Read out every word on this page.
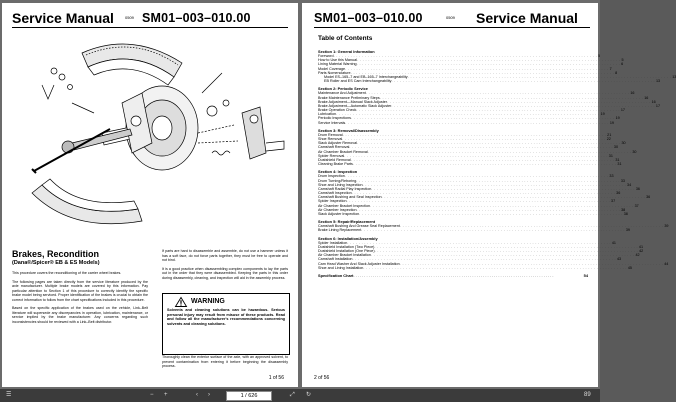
Service Manual	0509 SM01–003–010.00
Brakes, Recondition
(Dana®/Spicer® EB & ES Models)

This procedure covers the reconditioning of the carrier wheel brakes.

The following pages are taken directly from the service literature produced by the axle manufacturer. Multiple brake models are covered by this information. Pay particular attention to Section 1 of this procedure to correctly identify the specific brake model being serviced. Proper identification of the brakes is crucial to obtain the correct information to follow from the chart specifications included in this procedure.

Based on the specific application of the brakes used on the vehicle, Link–Belt literature will supersede any discrepancies in operation, lubrication, maintenance, or service implied by the brake manufacturer. Any concerns regarding such inconsistencies should be reviewed with a Link–Belt distributor.

If parts are hard to disassemble and assemble, do not use a hammer unless it has a soft face, do not force parts together, they must be free to operate and not bind.

It is a good practice when disassembling complex components to lay the parts out in the order that they were disassembled. Keeping the parts in this order during disassembly, cleaning, and inspection will aid in the assembly process.

WARNING
Solvents and cleaning solutions can be hazardous. Serious personal injury may result from misuse of these products. Read and follow all the manufacturer's recommendations concerning solvents and cleaning solutions.
1 of 56
Thoroughly clean the exterior surface of the axle, with an approved solvent, to prevent contamination from entering it before beginning the disassembly process.
SM01–003–010.00	0509 Service Manual
Table of Contents
Section 1: General Information
Foreword . . . . . . . . . . . . . . . . . . . . . . . . . . . . . . . . . . . . . . . . . . . . . . . . . . . . . . . . . . . . . . . . . . . . . . . . . . . . . . . . . . . . . . . . . . . . . 5
How to Use this Manual . . . . . . . . . . . . . . . . . . . . . . . . . . . . . . . . . . . . . . . . . . . . . . . . . . . . . . . . . . . . . . . . . . . . . . . . . . . . . . . . . . . . . . . . . . . . . 5
Lining Material Warning . . . . . . . . . . . . . . . . . . . . . . . . . . . . . . . . . . . . . . . . . . . . . . . . . . . . . . . . . . . . . . . . . . . . . . . . . . . . . . . . . . . . . . . . . . . . . 6
Model Coverage . . . . . . . . . . . . . . . . . . . . . . . . . . . . . . . . . . . . . . . . . . . . . . . . . . . . . . . . . . . . . . . . . . . . . . . . . . . . . . . . . . . . . . . . . . . . . 7
Parts Nomenclature . . . . . . . . . . . . . . . . . . . . . . . . . . . . . . . . . . . . . . . . . . . . . . . . . . . . . . . . . . . . . . . . . . . . . . . . . . . . . . . . . . . . . . . . . . . . . 8
Model ES–165–7 and EB–165–7 Interchangeability . . . . . . . . . . . . . . . . . . . . . . . . . . . . . . . . . . . . . . . . . . . . . . . . . . . . . . . . . . . . . . . . . . . . . . . . . . . . . . . . . . . . . . . . . . . . . 13
EB Roller and ES Cam Interchangeability . . . . . . . . . . . . . . . . . . . . . . . . . . . . . . . . . . . . . . . . . . . . . . . . . . . . . . . . . . . . . . . . . . . . . . . . . . . . . . . . . . . . . . . . . . . . . 13
Section 2: Periodic Service
Maintenance And Adjustment . . . . . . . . . . . . . . . . . . . . . . . . . . . . . . . . . . . . . . . . . . . . . . . . . . . . . . . . . . . . . . . . . . . . . . . . . . . . . . . . . . . . . . . . . . . . . 16
Brake Maintenance Preliminary Steps . . . . . . . . . . . . . . . . . . . . . . . . . . . . . . . . . . . . . . . . . . . . . . . . . . . . . . . . . . . . . . . . . . . . . . . . . . . . . . . . . . . . . . . . . . . . . 16
Brake Adjustment—Manual Slack Adjuster . . . . . . . . . . . . . . . . . . . . . . . . . . . . . . . . . . . . . . . . . . . . . . . . . . . . . . . . . . . . . . . . . . . . . . . . . . . . . . . . . . . . . . . . . . . . . 16
Brake Adjustment—Automatic Slack Adjuster . . . . . . . . . . . . . . . . . . . . . . . . . . . . . . . . . . . . . . . . . . . . . . . . . . . . . . . . . . . . . . . . . . . . . . . . . . . . . . . . . . . . . . . . . . . . . 17
Brake Operation Check . . . . . . . . . . . . . . . . . . . . . . . . . . . . . . . . . . . . . . . . . . . . . . . . . . . . . . . . . . . . . . . . . . . . . . . . . . . . . . . . . . . . . . . . . . . . . 17
Lubrication . . . . . . . . . . . . . . . . . . . . . . . . . . . . . . . . . . . . . . . . . . . . . . . . . . . . . . . . . . . . . . . . . . . . . . . . . . . . . . . . . . . . . . . . . . . . . 19
Periodic Inspections . . . . . . . . . . . . . . . . . . . . . . . . . . . . . . . . . . . . . . . . . . . . . . . . . . . . . . . . . . . . . . . . . . . . . . . . . . . . . . . . . . . . . . . . . . . . . 19
Service Intervals . . . . . . . . . . . . . . . . . . . . . . . . . . . . . . . . . . . . . . . . . . . . . . . . . . . . . . . . . . . . . . . . . . . . . . . . . . . . . . . . . . . . . . . . . . . . . 19
Section 3: Removal/Disassembly
Drum Removal . . . . . . . . . . . . . . . . . . . . . . . . . . . . . . . . . . . . . . . . . . . . . . . . . . . . . . . . . . . . . . . . . . . . . . . . . . . . . . . . . . . . . . . . . . . . . 21
Shoe Removal . . . . . . . . . . . . . . . . . . . . . . . . . . . . . . . . . . . . . . . . . . . . . . . . . . . . . . . . . . . . . . . . . . . . . . . . . . . . . . . . . . . . . . . . . . . . . 22
Slack Adjuster Removal . . . . . . . . . . . . . . . . . . . . . . . . . . . . . . . . . . . . . . . . . . . . . . . . . . . . . . . . . . . . . . . . . . . . . . . . . . . . . . . . . . . . . . . . . . . . . 30
Camshaft Removal . . . . . . . . . . . . . . . . . . . . . . . . . . . . . . . . . . . . . . . . . . . . . . . . . . . . . . . . . . . . . . . . . . . . . . . . . . . . . . . . . . . . . . . . . . . . . 30
Air Chamber Bracket Removal . . . . . . . . . . . . . . . . . . . . . . . . . . . . . . . . . . . . . . . . . . . . . . . . . . . . . . . . . . . . . . . . . . . . . . . . . . . . . . . . . . . . . . . . . . . . . 30
Spider Removal . . . . . . . . . . . . . . . . . . . . . . . . . . . . . . . . . . . . . . . . . . . . . . . . . . . . . . . . . . . . . . . . . . . . . . . . . . . . . . . . . . . . . . . . . . . . . 31
Dustshield Removal . . . . . . . . . . . . . . . . . . . . . . . . . . . . . . . . . . . . . . . . . . . . . . . . . . . . . . . . . . . . . . . . . . . . . . . . . . . . . . . . . . . . . . . . . . . . . 31
Cleaning Brake Parts . . . . . . . . . . . . . . . . . . . . . . . . . . . . . . . . . . . . . . . . . . . . . . . . . . . . . . . . . . . . . . . . . . . . . . . . . . . . . . . . . . . . . . . . . . . . . 31
Section 4: Inspection
Drum Inspection . . . . . . . . . . . . . . . . . . . . . . . . . . . . . . . . . . . . . . . . . . . . . . . . . . . . . . . . . . . . . . . . . . . . . . . . . . . . . . . . . . . . . . . . . . . . . 33
Drum Turning/Reboring . . . . . . . . . . . . . . . . . . . . . . . . . . . . . . . . . . . . . . . . . . . . . . . . . . . . . . . . . . . . . . . . . . . . . . . . . . . . . . . . . . . . . . . . . . . . . 33
Shoe and Lining Inspection . . . . . . . . . . . . . . . . . . . . . . . . . . . . . . . . . . . . . . . . . . . . . . . . . . . . . . . . . . . . . . . . . . . . . . . . . . . . . . . . . . . . . . . . . . . . . 34
Camshaft Radial Play Inspection . . . . . . . . . . . . . . . . . . . . . . . . . . . . . . . . . . . . . . . . . . . . . . . . . . . . . . . . . . . . . . . . . . . . . . . . . . . . . . . . . . . . . . . . . . . . . 36
Camshaft Inspection . . . . . . . . . . . . . . . . . . . . . . . . . . . . . . . . . . . . . . . . . . . . . . . . . . . . . . . . . . . . . . . . . . . . . . . . . . . . . . . . . . . . . . . . . . . . . 36
Camshaft Bushing and Seal Inspection . . . . . . . . . . . . . . . . . . . . . . . . . . . . . . . . . . . . . . . . . . . . . . . . . . . . . . . . . . . . . . . . . . . . . . . . . . . . . . . . . . . . . . . . . . . . . 36
Spider Inspection . . . . . . . . . . . . . . . . . . . . . . . . . . . . . . . . . . . . . . . . . . . . . . . . . . . . . . . . . . . . . . . . . . . . . . . . . . . . . . . . . . . . . . . . . . . . . 37
Air Chamber Bracket Inspection . . . . . . . . . . . . . . . . . . . . . . . . . . . . . . . . . . . . . . . . . . . . . . . . . . . . . . . . . . . . . . . . . . . . . . . . . . . . . . . . . . . . . . . . . . . . . 37
Air Chamber Inspection . . . . . . . . . . . . . . . . . . . . . . . . . . . . . . . . . . . . . . . . . . . . . . . . . . . . . . . . . . . . . . . . . . . . . . . . . . . . . . . . . . . . . . . . . . . . . 38
Slack Adjuster Inspection . . . . . . . . . . . . . . . . . . . . . . . . . . . . . . . . . . . . . . . . . . . . . . . . . . . . . . . . . . . . . . . . . . . . . . . . . . . . . . . . . . . . . . . . . . . . . 38
Section 5: Repair/Replacement
Camshaft Bushing And Grease Seal Replacement . . . . . . . . . . . . . . . . . . . . . . . . . . . . . . . . . . . . . . . . . . . . . . . . . . . . . . . . . . . . . . . . . . . . . . . . . . . . . . . . . . . . . . . . . . . . . 39
Brake Lining Replacement . . . . . . . . . . . . . . . . . . . . . . . . . . . . . . . . . . . . . . . . . . . . . . . . . . . . . . . . . . . . . . . . . . . . . . . . . . . . . . . . . . . . . . . . . . . . . 39
Section 6: Installation/Assembly
Spider Installation . . . . . . . . . . . . . . . . . . . . . . . . . . . . . . . . . . . . . . . . . . . . . . . . . . . . . . . . . . . . . . . . . . . . . . . . . . . . . . . . . . . . . . . . . . . . . 41
Dustshield Installation (Two Piece) . . . . . . . . . . . . . . . . . . . . . . . . . . . . . . . . . . . . . . . . . . . . . . . . . . . . . . . . . . . . . . . . . . . . . . . . . . . . . . . . . . . . . . . . . . . . . 41
Dustshield Installation (One Piece) . . . . . . . . . . . . . . . . . . . . . . . . . . . . . . . . . . . . . . . . . . . . . . . . . . . . . . . . . . . . . . . . . . . . . . . . . . . . . . . . . . . . . . . . . . . . . 42
Air Chamber Bracket Installation . . . . . . . . . . . . . . . . . . . . . . . . . . . . . . . . . . . . . . . . . . . . . . . . . . . . . . . . . . . . . . . . . . . . . . . . . . . . . . . . . . . . . . . . . . . . . 42
Camshaft Installation . . . . . . . . . . . . . . . . . . . . . . . . . . . . . . . . . . . . . . . . . . . . . . . . . . . . . . . . . . . . . . . . . . . . . . . . . . . . . . . . . . . . . . . . . . . . . 43
Cam Head Washer And Slack Adjuster Installation . . . . . . . . . . . . . . . . . . . . . . . . . . . . . . . . . . . . . . . . . . . . . . . . . . . . . . . . . . . . . . . . . . . . . . . . . . . . . . . . . . . . . . . . . . . . . 44
Shoe and Lining Installation . . . . . . . . . . . . . . . . . . . . . . . . . . . . . . . . . . . . . . . . . . . . . . . . . . . . . . . . . . . . . . . . . . . . . . . . . . . . . . . . . . . . . . . . . . . . . 45
Specification Chart . . . . . . . . . . . . . . . . . . . . . . . . . . . . . . . . . . . . . . . . . . . . . . . . . . . . . . . . . . . . . . . . . . . . . . . . . . . . . . . . . . . . . . . . . . . . .	54
2 of 56
☰	− +	‹ ›	1 / 626	⤢ ↻	89
